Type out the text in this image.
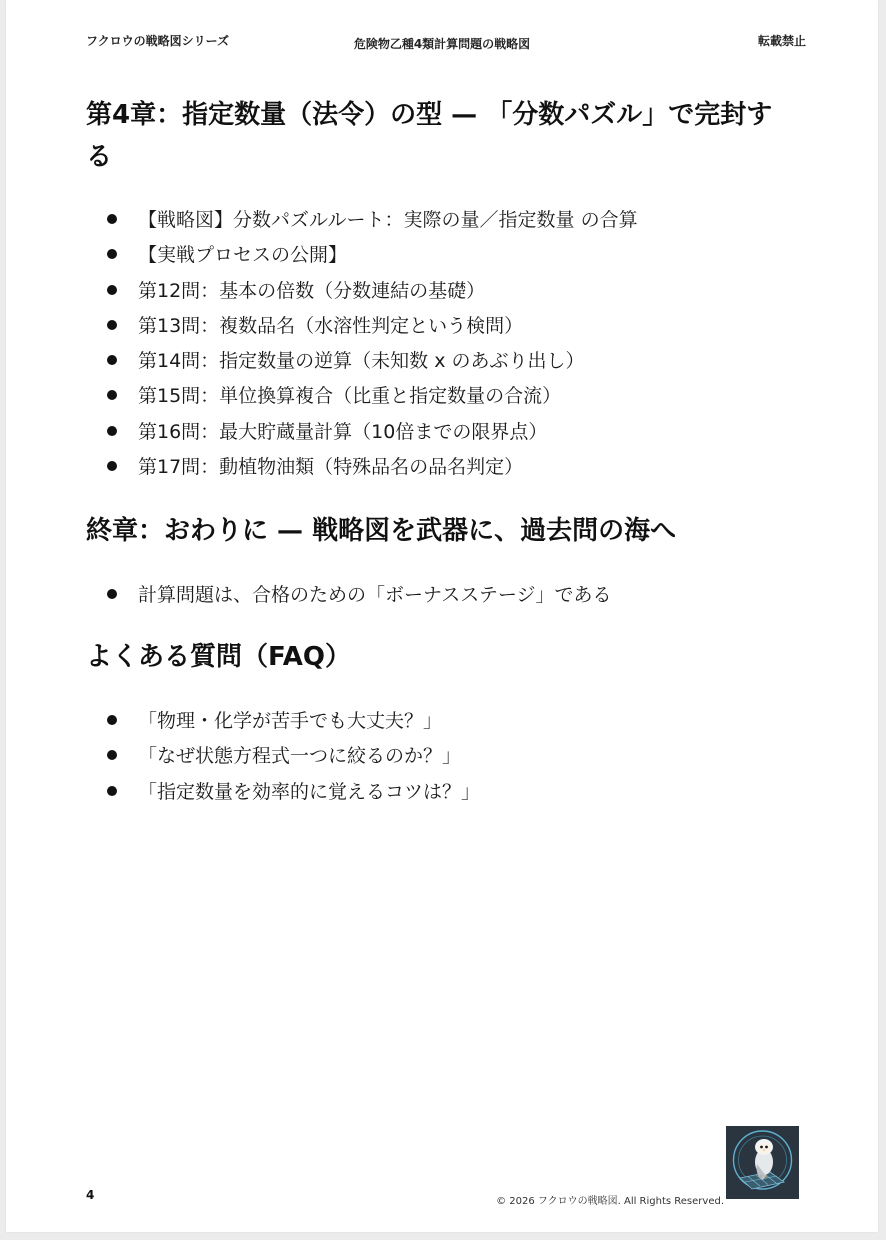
フクロウの戦略図シリーズ	危険物乙種4類計算問題の戦略図	転載禁止
第4章：指定数量（法令）の型 — 「分数パズル」で完封する
【戦略図】分数パズルルート：実際の量／指定数量 の合算
【実戦プロセスの公開】
第12問：基本の倍数（分数連結の基礎）
第13問：複数品名（水溶性判定という検問）
第14問：指定数量の逆算（未知数 x のあぶり出し）
第15問：単位換算複合（比重と指定数量の合流）
第16問：最大貯蔵量計算（10倍までの限界点）
第17問：動植物油類（特殊品名の品名判定）
終章：おわりに — 戦略図を武器に、過去問の海へ
計算問題は、合格のための「ボーナスステージ」である
よくある質問（FAQ）
「物理・化学が苦手でも大丈夫？」
「なぜ状態方程式一つに絞るのか？」
「指定数量を効率的に覚えるコツは？」
4	© 2026 フクロウの戦略図. All Rights Reserved.
